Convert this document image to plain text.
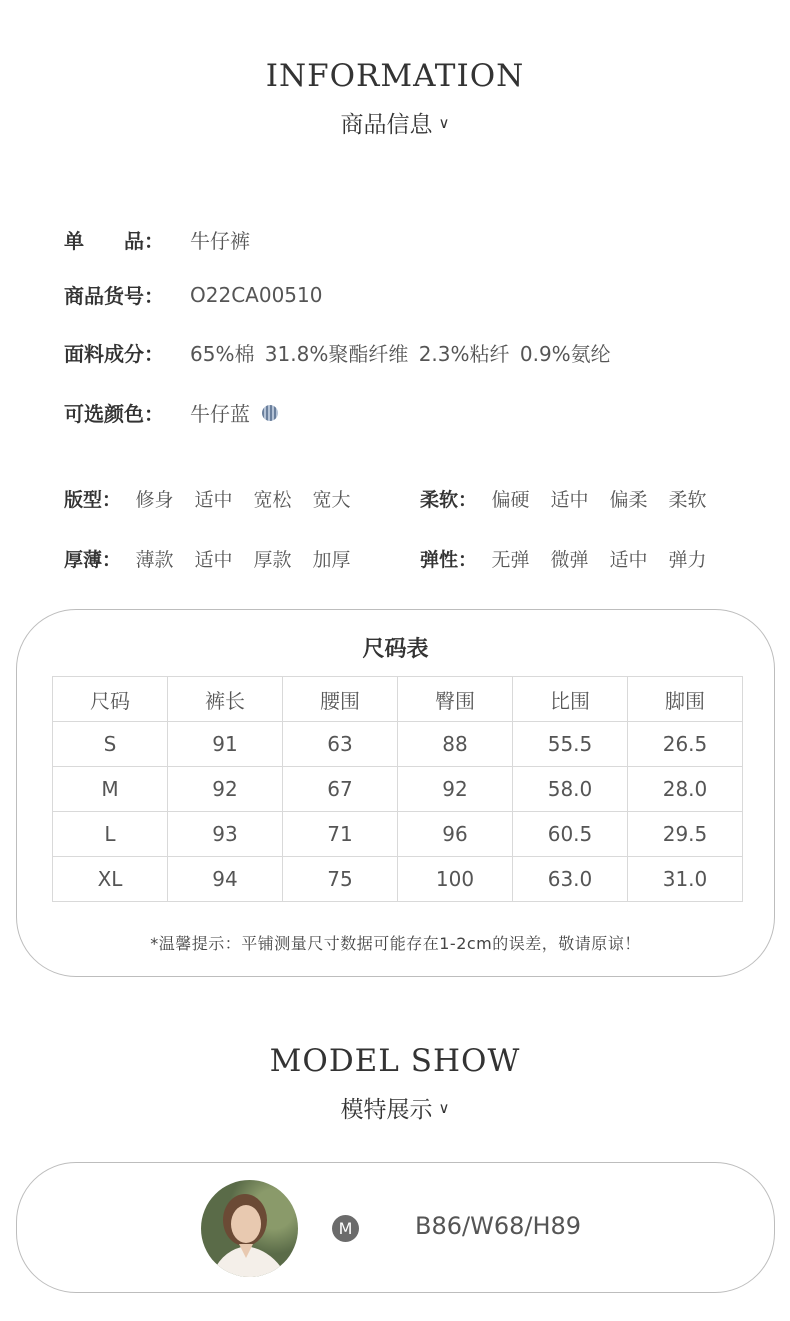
INFORMATION
商品信息 ∨
单　　品：	牛仔裤
商品货号：	O22CA00510
面料成分：	65%棉 31.8%聚酯纤维 2.3%粘纤 0.9%氨纶
可选颜色：	牛仔蓝
版型： 修身	适中	宽松	宽大	柔软： 偏硬	适中	偏柔	柔软
厚薄： 薄款	适中	厚款	加厚	弹性： 无弹	微弹	适中	弹力
尺码表
尺码	裤长	腰围	臀围	比围	脚围
S	91	63	88	55.5	26.5
M	92	67	92	58.0	28.0
L	93	71	96	60.5	29.5
XL	94	75	100	63.0	31.0
*温馨提示：平铺测量尺寸数据可能存在1-2cm的误差，敬请原谅！
MODEL SHOW
模特展示 ∨
M	B86/W68/H89
